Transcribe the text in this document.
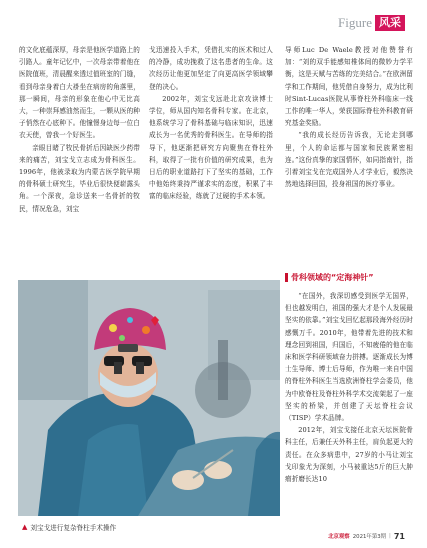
Figure 风采

的文化底蕴深厚，母亲是他医学道路上的引路人。童年记忆中，一次母亲带着他在医院值班，清晨醒来透过值班室的门缝，看到母亲身着白大褂坐在病房的角落里，那一瞬间，母亲的形象在他心中无比高大，一种崇拜感油然而生，一颗从医的种子悄然在心底种下。他憧憬身边每一位白衣天使，曾我一个好医生。

亲眼目睹了牧民骨折后因缺医少药带来的痛苦，刘宝戈立志成为骨科医生。1996年，他被录取为内蒙古医学院早期的骨科硕士研究生，毕业后很快便崭露头角。一个深夜，急诊送来一名骨折的牧民，情况危急，刘宝

戈迅速投入手术，凭借扎实的医术和过人的冷静，成功挽救了这名患者的生命。这次经历让他更加坚定了向更高医学领域攀登的决心。

2002年，刘宝戈远赴北京攻读博士学位，师从国内知名骨科专家。在北京，他系统学习了骨科基础与临床知识，迅速成长为一名优秀的骨科医生。在导师的指导下，他逐渐把研究方向聚焦在脊柱外科，取得了一批有价值的研究成果，也为日后的职业道路打下了坚实的基础，工作中他始终秉持严谨求实的态度，积累了丰富的临床经验，练就了过硬的手术本领。

导师Luc De Waele教授对他赞誉有加：“刘的双手能感知椎体间的微妙力学平衡，这是天赋与苦练的完美结合。”在欧洲留学和工作期间，他凭借自身努力，成为比利时Sint-Lucas医院从事脊柱外科临床一线工作的唯一华人，荣获国际脊柱外科教育研究基金奖励。

“我的成长经历告诉我，无论走到哪里，个人的命运都与国家和民族紧密相连。”这份真挚的家国情怀，如同指南针，指引着刘宝戈在完成国外人才学业后，毅然决然地选择回国，投身祖国的医疗事业。

骨科领域的“定海神针”

“在国外，我深切感受到医学无国界，但也越发明白，祖国的强大才是个人发展最坚实的依靠。”刘宝戈回忆起那段海外经历时感慨万千。2010年，他带着先进的技术和理念回到祖国，归国后，不知疲倦的他在临床和医学科研领域奋力拼搏。逐渐成长为博士生导师、博士后导师，作为唯一来自中国的脊柱外科医生当选欧洲脊柱学会委员，他为中欧脊柱及脊柱外科学术交流架起了一座坚实的桥梁，并创建了天坛脊柱会议（TISP）学术品牌。

2012年，刘宝戈接任北京天坛医院骨科主任，后兼任天外科主任，肩负起更大的责任。在众多病患中，27岁的小马让刘宝戈印象尤为深刻，小马被重达5斤的巨大肿瘤折磨长达10

▲ 刘宝戈进行复杂脊柱手术操作
北京观察 2021年第3期 | 71
